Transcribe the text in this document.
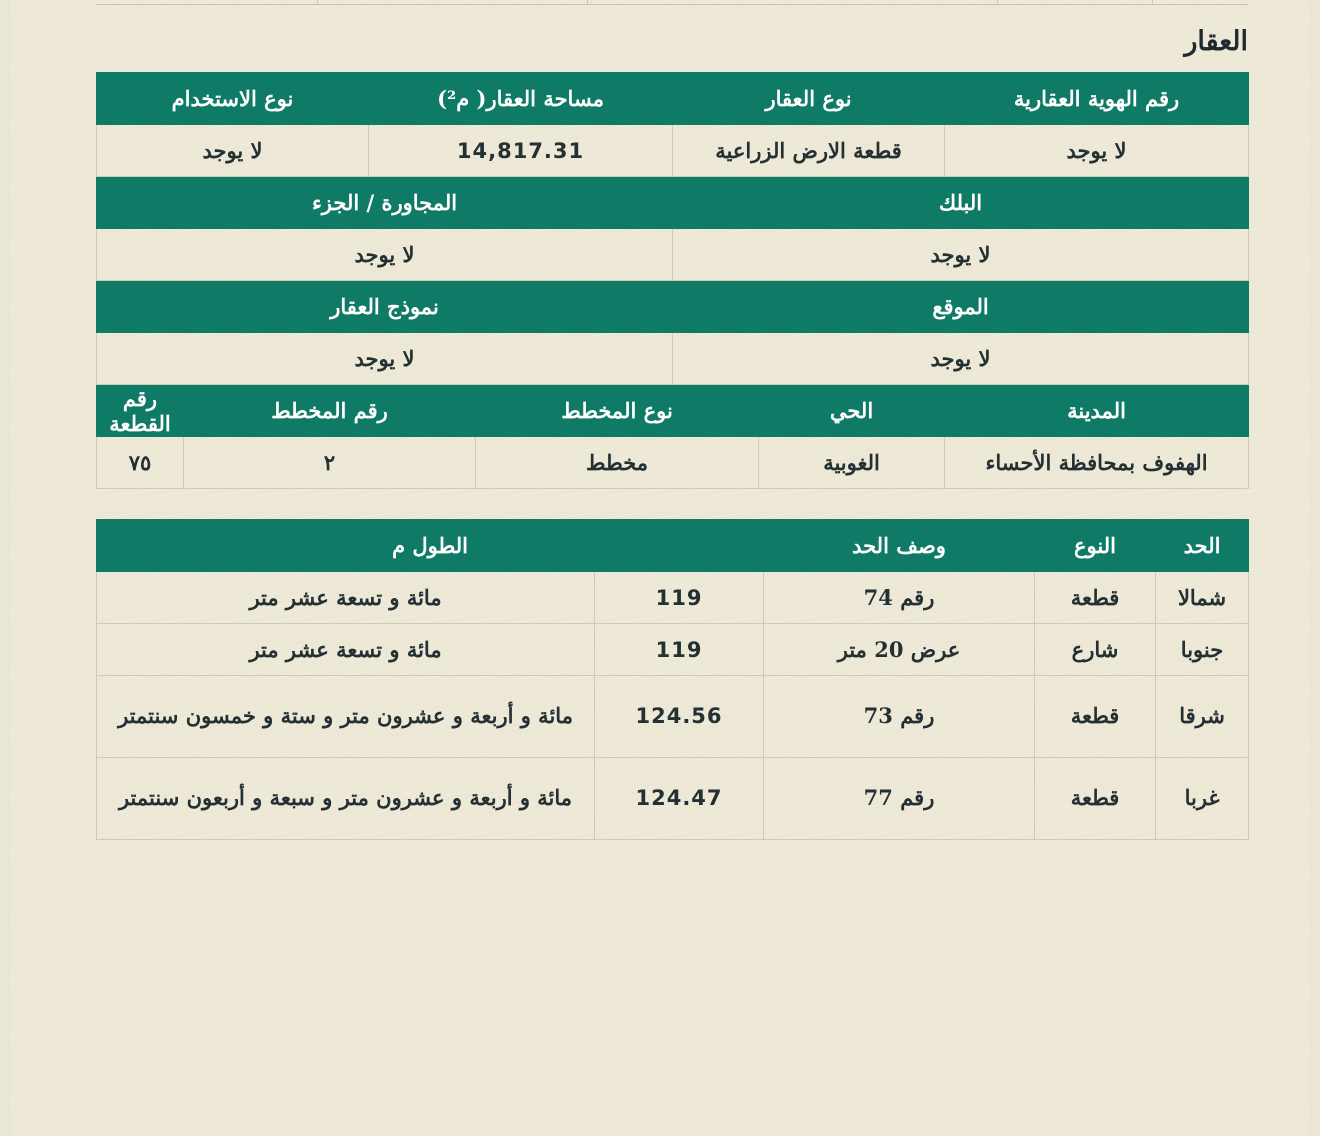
العقار
رقم الهوية العقارية	نوع العقار		مساحة العقار( م²)		نوع الاستخدام	
لا يوجد	قطعة الارض الزراعية		14,817.31		لا يوجد	
البلك			المجاورة / الجزء			
لا يوجد			لا يوجد			
الموقع			نموذج العقار			
لا يوجد			لا يوجد			
المدينة	الحي	نوع المخطط		رقم المخطط		رقم القطعة
الهفوف بمحافظة الأحساء	الغوبية	مخطط		٢		٧٥
الحد	النوع	وصف الحد	الطول م	
شمالا	قطعة	رقم 74	119	مائة و تسعة عشر متر
جنوبا	شارع	عرض 20 متر	119	مائة و تسعة عشر متر
شرقا	قطعة	رقم 73	124.56	مائة و أربعة و عشرون متر و ستة و خمسون سنتمتر
غربا	قطعة	رقم 77	124.47	مائة و أربعة و عشرون متر و سبعة و أربعون سنتمتر
